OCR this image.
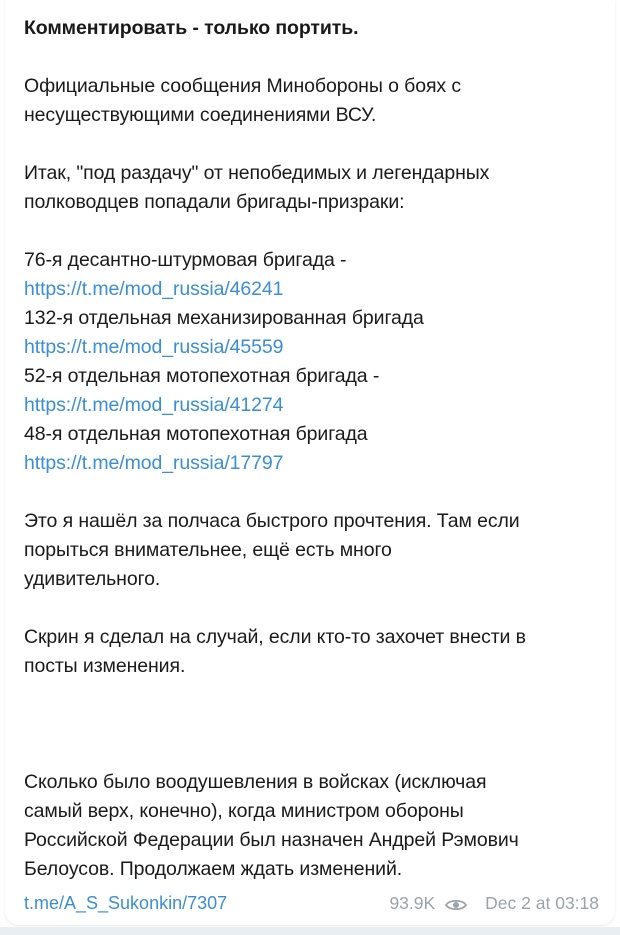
Комментировать - только портить.
Официальные сообщения Минобороны о боях с
несуществующими соединениями ВСУ.
Итак, "под раздачу" от непобедимых и легендарных
полководцев попадали бригады-призраки:
76-я десантно-штурмовая бригада -
https://t.me/mod_russia/46241
132-я отдельная механизированная бригада
https://t.me/mod_russia/45559
52-я отдельная мотопехотная бригада -
https://t.me/mod_russia/41274
48-я отдельная мотопехотная бригада
https://t.me/mod_russia/17797
Это я нашёл за полчаса быстрого прочтения. Там если
порыться внимательнее, ещё есть много
удивительного.
Скрин я сделал на случай, если кто-то захочет внести в
посты изменения.
Сколько было воодушевления в войсках (исключая
самый верх, конечно), когда министром обороны
Российской Федерации был назначен Андрей Рэмович
Белоусов. Продолжаем ждать изменений.
t.me/A_S_Sukonkin/7307	93.9K	Dec 2 at 03:18
